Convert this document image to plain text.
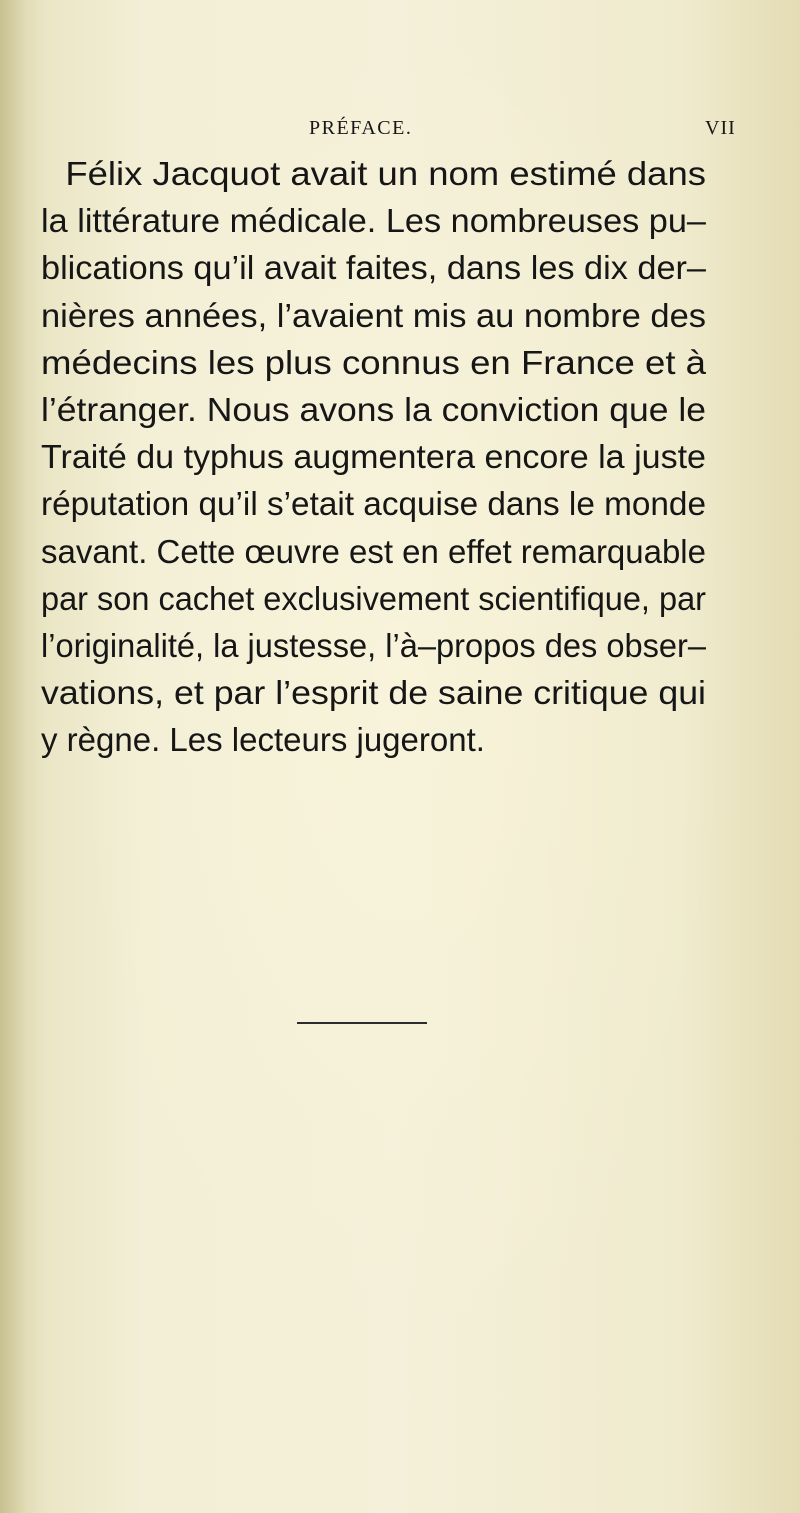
PRÉFACE.	VII

Félix Jacquot avait un nom estimé dans
la littérature médicale. Les nombreuses pu–
blications qu’il avait faites, dans les dix der–
nières années, l’avaient mis au nombre des
médecins les plus connus en France et à
l’étranger. Nous avons la conviction que le
Traité du typhus augmentera encore la juste
réputation qu’il s’etait acquise dans le monde
savant. Cette œuvre est en effet remarquable
par son cachet exclusivement scientifique, par
l’originalité, la justesse, l’à–propos des obser–
vations, et par l’esprit de saine critique qui
y règne. Les lecteurs jugeront.
